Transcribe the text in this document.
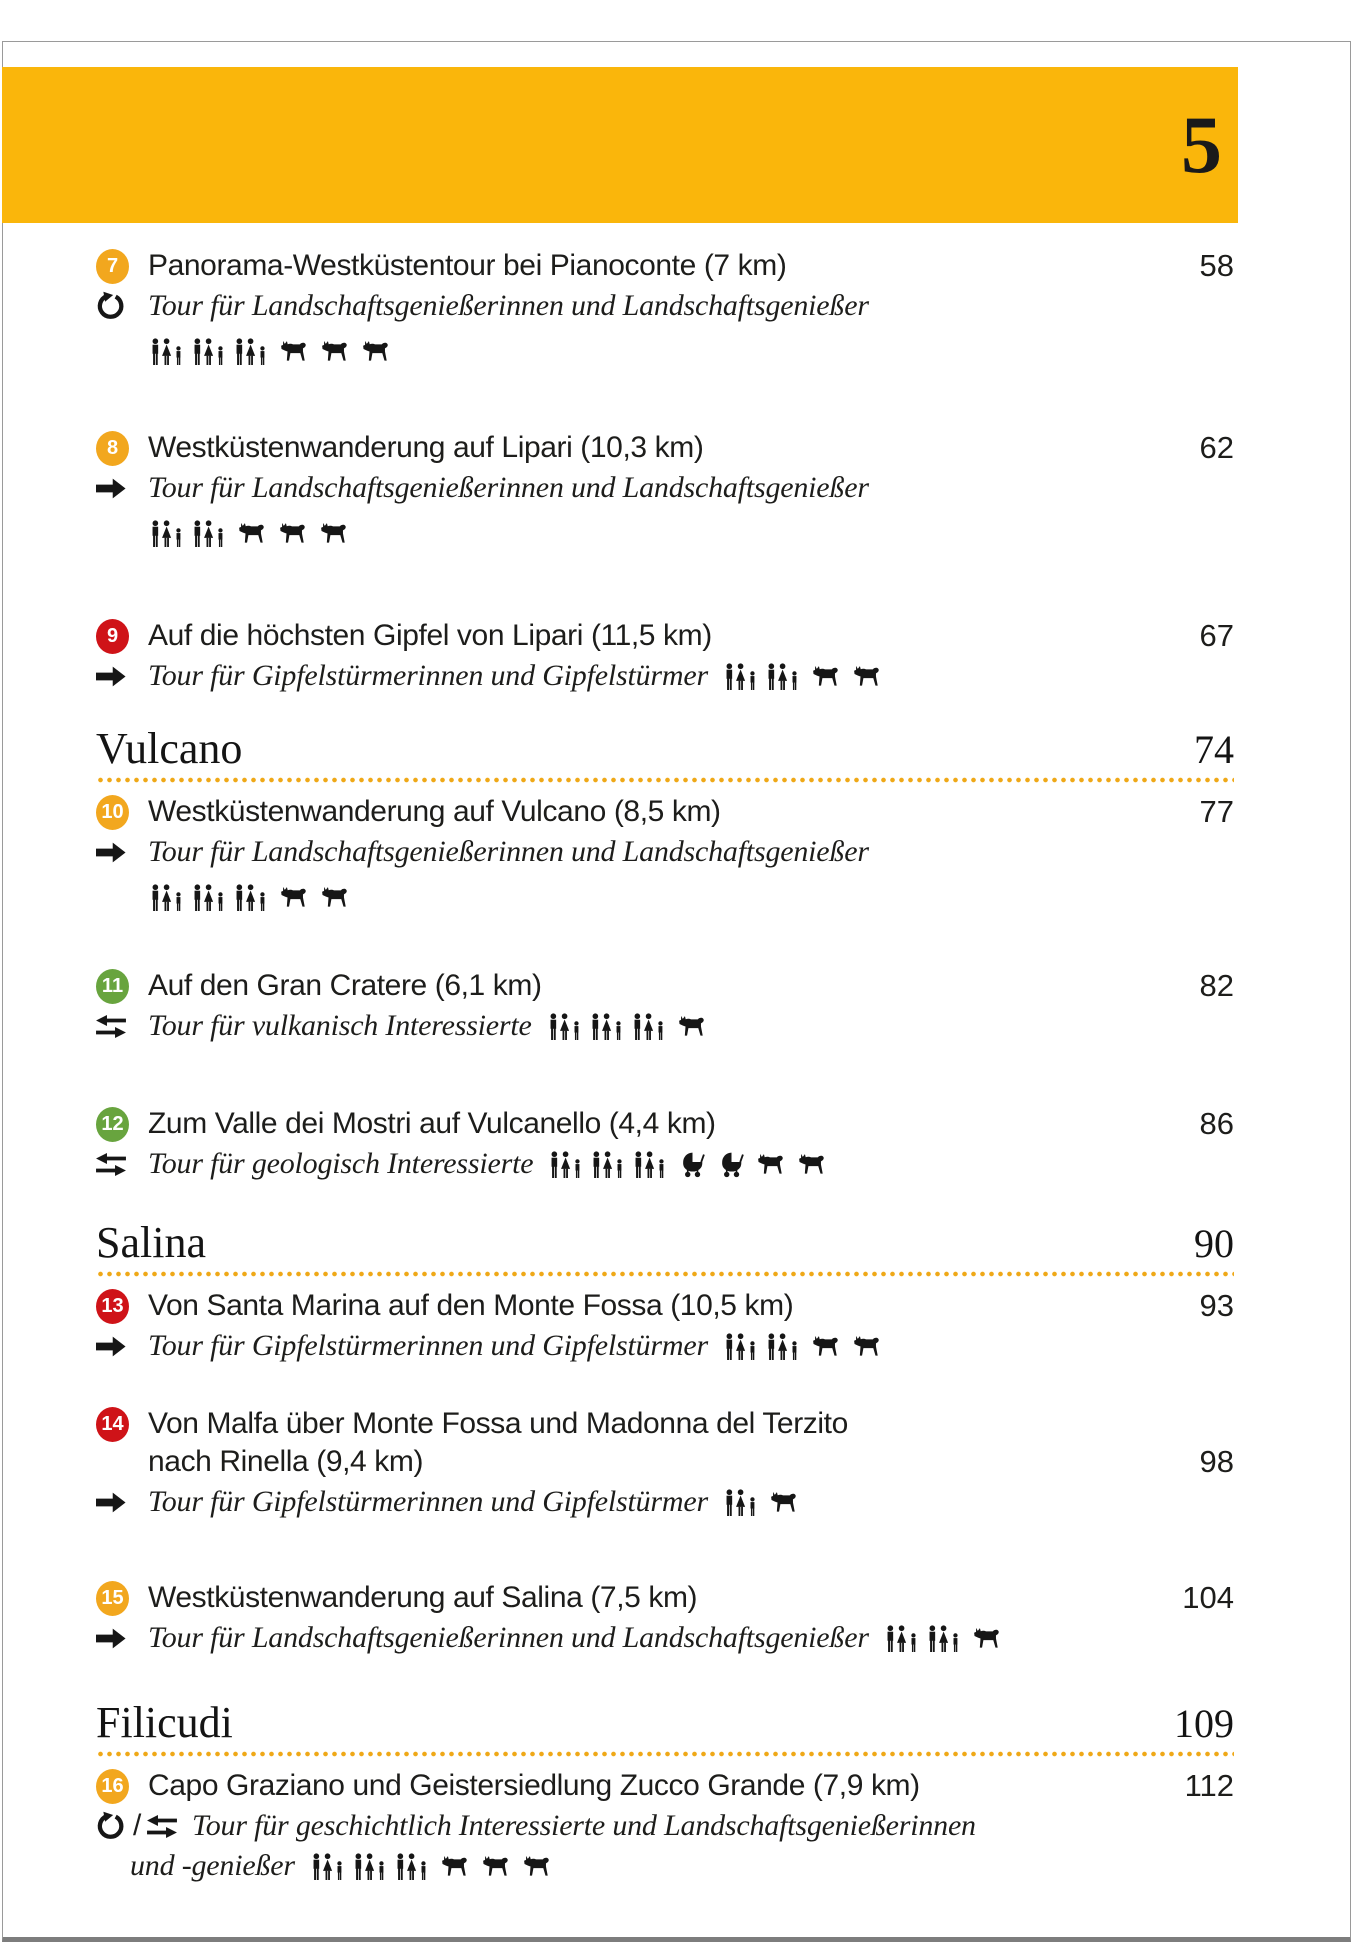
5
7 Panorama-Westküstentour bei Pianoconte (7 km)	58
Tour für Landschaftsgenießerinnen und Landschaftsgenießer
8 Westküstenwanderung auf Lipari (10,3 km)	62
Tour für Landschaftsgenießerinnen und Landschaftsgenießer
9 Auf die höchsten Gipfel von Lipari (11,5 km)	67
Tour für Gipfelstürmerinnen und Gipfelstürmer
Vulcano	74
10 Westküstenwanderung auf Vulcano (8,5 km)	77
Tour für Landschaftsgenießerinnen und Landschaftsgenießer
11 Auf den Gran Cratere (6,1 km)	82
Tour für vulkanisch Interessierte
12 Zum Valle dei Mostri auf Vulcanello (4,4 km)	86
Tour für geologisch Interessierte
Salina	90
13 Von Santa Marina auf den Monte Fossa (10,5 km)	93
Tour für Gipfelstürmerinnen und Gipfelstürmer
14 Von Malfa über Monte Fossa und Madonna del Terzito
nach Rinella (9,4 km)	98
Tour für Gipfelstürmerinnen und Gipfelstürmer
15 Westküstenwanderung auf Salina (7,5 km)	104
Tour für Landschaftsgenießerinnen und Landschaftsgenießer
Filicudi	109
16 Capo Graziano und Geistersiedlung Zucco Grande (7,9 km)	112
/ Tour für geschichtlich Interessierte und Landschaftsgenießerinnen
und -genießer
